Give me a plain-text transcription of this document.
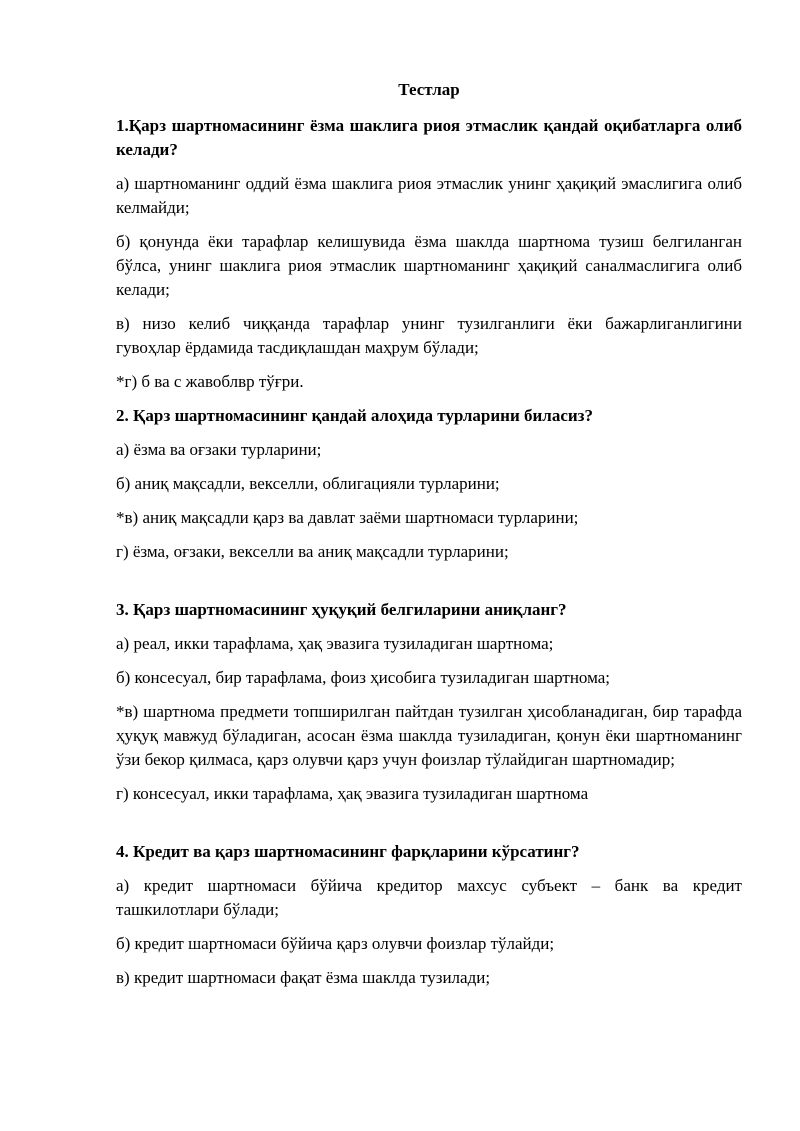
Тестлар
1.Қарз шартномасининг ёзма шаклига риоя этмаслик қандай оқибатларга олиб келади?
а) шартноманинг оддий ёзма шаклига риоя этмаслик унинг ҳақиқий эмаслигига олиб келмайди;
б) қонунда ёки тарафлар келишувида ёзма шаклда шартнома тузиш белгиланган бўлса, унинг шаклига риоя этмаслик шартноманинг ҳақиқий саналмаслигига олиб келади;
в) низо келиб чиққанда тарафлар унинг тузилганлиги ёки бажарлиганлигини гувоҳлар ёрдамида тасдиқлашдан маҳрум бўлади;
*г) б ва с жавоблвр тўғри.
2. Қарз шартномасининг қандай алоҳида турларини биласиз?
а) ёзма ва оғзаки турларини;
б) аниқ мақсадли, векселли, облигацияли турларини;
*в) аниқ мақсадли қарз ва давлат заёми шартномаси турларини;
г) ёзма, оғзаки, векселли ва аниқ мақсадли турларини;
3. Қарз шартномасининг ҳуқуқий белгиларини аниқланг?
а) реал, икки тарафлама, ҳақ эвазига тузиладиган шартнома;
б) консесуал, бир тарафлама, фоиз ҳисобига тузиладиган шартнома;
*в) шартнома предмети топширилган пайтдан тузилган ҳисобланадиган, бир тарафда ҳуқуқ мавжуд бўладиган, асосан ёзма шаклда тузиладиган, қонун ёки шартноманинг ўзи бекор қилмаса, қарз олувчи қарз учун фоизлар тўлайдиган шартномадир;
г) консесуал, икки тарафлама, ҳақ эвазига тузиладиган шартнома
4. Кредит ва қарз шартномасининг фарқларини кўрсатинг?
а) кредит шартномаси бўйича кредитор махсус субъект – банк ва кредит ташкилотлари бўлади;
б) кредит шартномаси бўйича қарз олувчи фоизлар тўлайди;
в) кредит шартномаси фақат ёзма шаклда тузилади;
